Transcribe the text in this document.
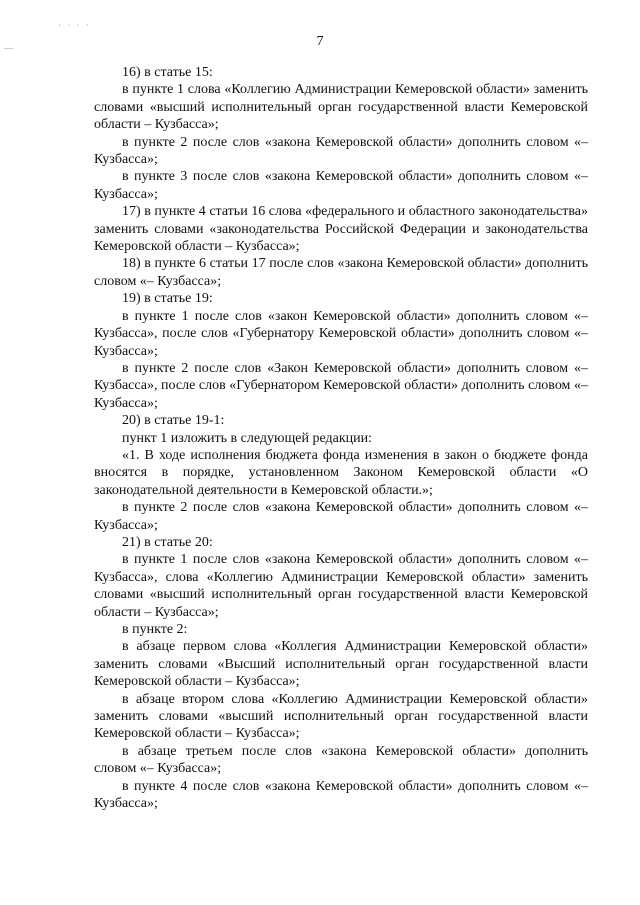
· · · ·
—	7

16) в статье 15:

в пункте 1 слова «Коллегию Администрации Кемеровской области» заменить словами «высший исполнительный орган государственной власти Кемеровской области – Кузбасса»;

в пункте 2 после слов «закона Кемеровской области» дополнить словом «– Кузбасса»;

в пункте 3 после слов «закона Кемеровской области» дополнить словом «– Кузбасса»;

17) в пункте 4 статьи 16 слова «федерального и областного законодательства» заменить словами «законодательства Российской Федерации и законодательства Кемеровской области – Кузбасса»;

18) в пункте 6 статьи 17 после слов «закона Кемеровской области» дополнить словом «– Кузбасса»;

19) в статье 19:

в пункте 1 после слов «закон Кемеровской области» дополнить словом «– Кузбасса», после слов «Губернатору Кемеровской области» дополнить словом «– Кузбасса»;

в пункте 2 после слов «Закон Кемеровской области» дополнить словом «– Кузбасса», после слов «Губернатором Кемеровской области» дополнить словом «– Кузбасса»;

20) в статье 19-1:

пункт 1 изложить в следующей редакции:

«1. В ходе исполнения бюджета фонда изменения в закон о бюджете фонда вносятся в порядке, установленном Законом Кемеровской области «О законодательной деятельности в Кемеровской области.»;

в пункте 2 после слов «закона Кемеровской области» дополнить словом «– Кузбасса»;

21) в статье 20:

в пункте 1 после слов «закона Кемеровской области» дополнить словом «– Кузбасса», слова «Коллегию Администрации Кемеровской области» заменить словами «высший исполнительный орган государственной власти Кемеровской области – Кузбасса»;

в пункте 2:

в абзаце первом слова «Коллегия Администрации Кемеровской области» заменить словами «Высший исполнительный орган государственной власти Кемеровской области – Кузбасса»;

в абзаце втором слова «Коллегию Администрации Кемеровской области» заменить словами «высший исполнительный орган государственной власти Кемеровской области – Кузбасса»;

в абзаце третьем после слов «закона Кемеровской области» дополнить словом «– Кузбасса»;

в пункте 4 после слов «закона Кемеровской области» дополнить словом «– Кузбасса»;
